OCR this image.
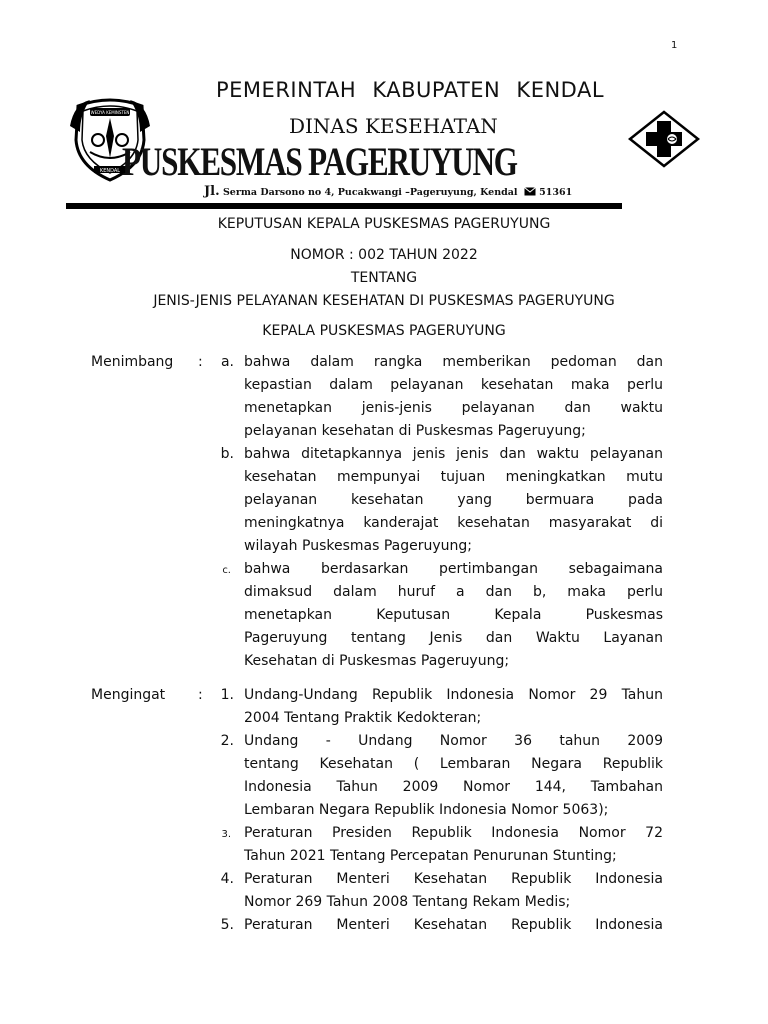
1
KENDAL
WEDYA KEMINSTEN
PEMERINTAH KABUPATEN KENDAL
DINAS KESEHATAN
PUSKESMAS PAGERUYUNG
Jl. Serma Darsono no 4, Pucakwangi –Pageruyung, Kendal 51361
KEPUTUSAN KEPALA PUSKESMAS PAGERUYUNG
NOMOR : 002 TAHUN 2022
TENTANG
JENIS-JENIS PELAYANAN KESEHATAN DI PUSKESMAS PAGERUYUNG
KEPALA PUSKESMAS PAGERUYUNG
Menimbang :	a. bahwa dalam rangka memberikan pedoman dan
kepastian dalam pelayanan kesehatan maka perlu
menetapkan jenis-jenis pelayanan dan waktu
pelayanan kesehatan di Puskesmas Pageruyung;
b. bahwa ditetapkannya jenis jenis dan waktu pelayanan
kesehatan mempunyai tujuan meningkatkan mutu
pelayanan kesehatan yang bermuara pada
meningkatnya kanderajat kesehatan masyarakat di
wilayah Puskesmas Pageruyung;
c. bahwa berdasarkan pertimbangan sebagaimana
dimaksud dalam huruf a dan b, maka perlu
menetapkan Keputusan Kepala Puskesmas
Pageruyung tentang Jenis dan Waktu Layanan
Kesehatan di Puskesmas Pageruyung;
Mengingat :	1. Undang-Undang Republik Indonesia Nomor 29 Tahun
2004 Tentang Praktik Kedokteran;
2. Undang - Undang Nomor 36 tahun 2009
tentang Kesehatan ( Lembaran Negara Republik
Indonesia Tahun 2009 Nomor 144, Tambahan
Lembaran Negara Republik Indonesia Nomor 5063);
3. Peraturan Presiden Republik Indonesia Nomor 72
Tahun 2021 Tentang Percepatan Penurunan Stunting;
4. Peraturan Menteri Kesehatan Republik Indonesia
Nomor 269 Tahun 2008 Tentang Rekam Medis;
5. Peraturan Menteri Kesehatan Republik Indonesia
